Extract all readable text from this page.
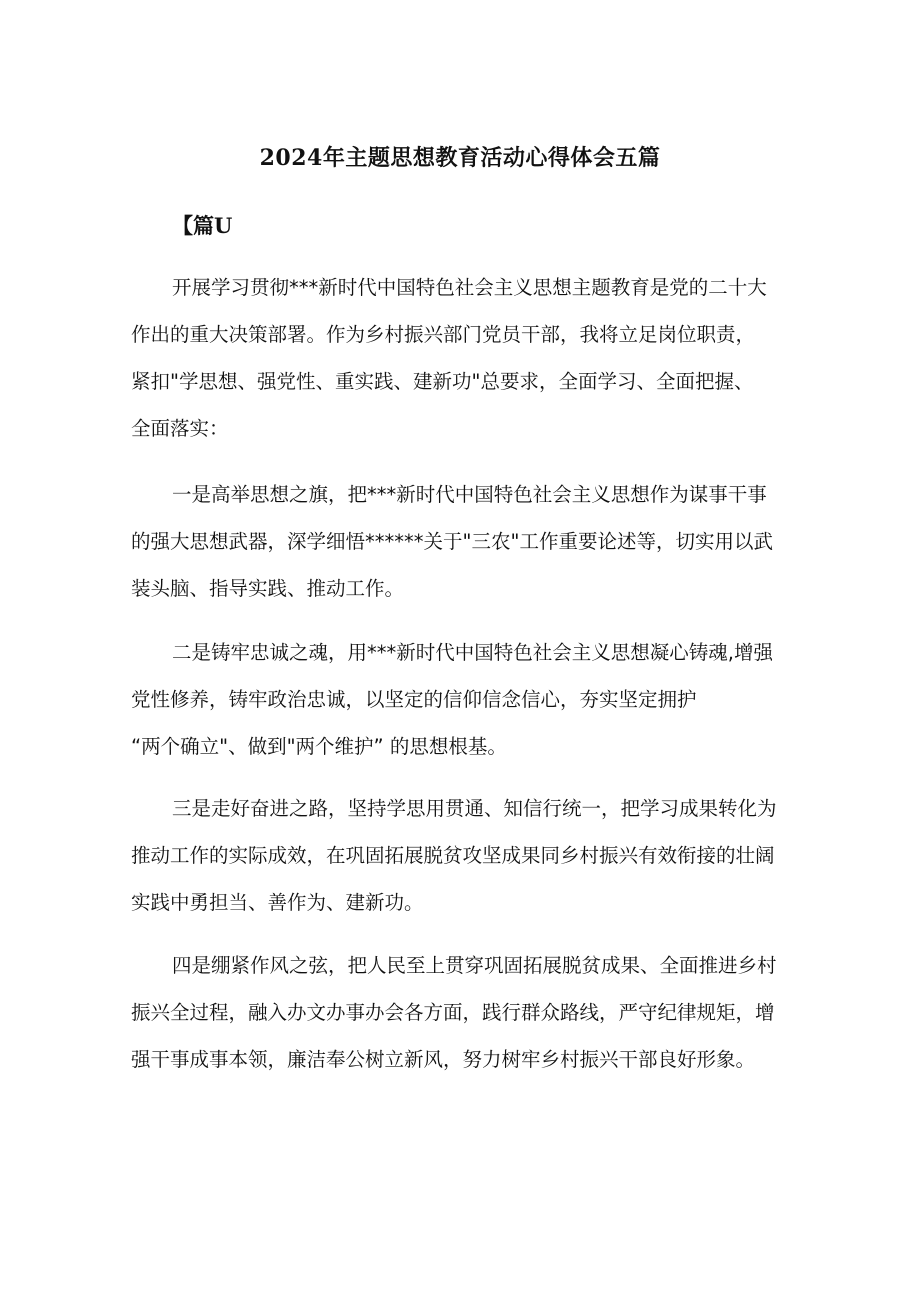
2024年主题思想教育活动心得体会五篇
【篇U

开展学习贯彻***新时代中国特色社会主义思想主题教育是党的二十大
作出的重大决策部署。作为乡村振兴部门党员干部，我将立足岗位职责，
紧扣"学思想、强党性、重实践、建新功"总要求，全面学习、全面把握、
全面落实：

一是高举思想之旗，把***新时代中国特色社会主义思想作为谋事干事
的强大思想武器，深学细悟******关于"三农"工作重要论述等，切实用以武
装头脑、指导实践、推动工作。

二是铸牢忠诚之魂，用***新时代中国特色社会主义思想凝心铸魂,增强
党性修养，铸牢政治忠诚，以坚定的信仰信念信心，夯实坚定拥护
“两个确立"、做到"两个维护” 的思想根基。

三是走好奋进之路，坚持学思用贯通、知信行统一，把学习成果转化为
推动工作的实际成效，在巩固拓展脱贫攻坚成果同乡村振兴有效衔接的壮阔
实践中勇担当、善作为、建新功。

四是绷紧作风之弦，把人民至上贯穿巩固拓展脱贫成果、全面推进乡村
振兴全过程，融入办文办事办会各方面，践行群众路线，严守纪律规矩，增
强干事成事本领，廉洁奉公树立新风，努力树牢乡村振兴干部良好形象。
